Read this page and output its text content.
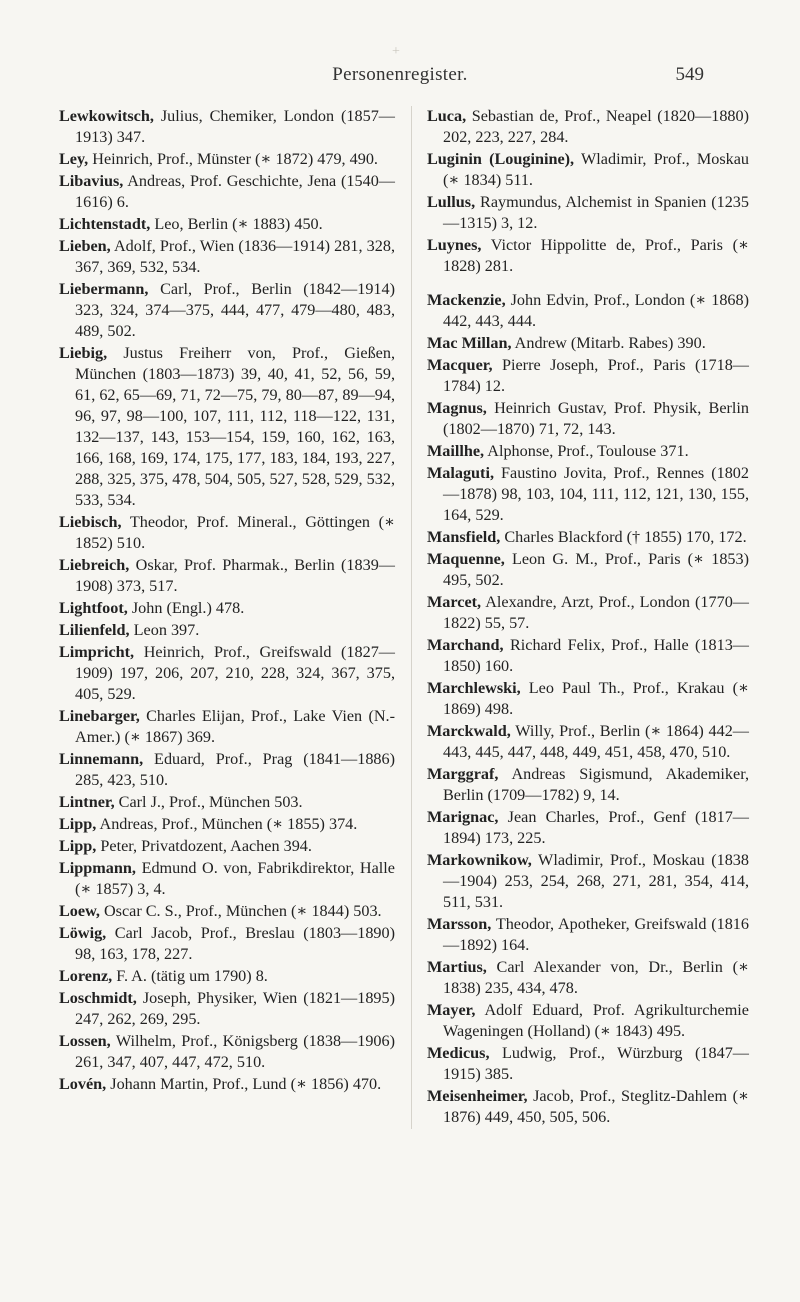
+
Personenregister.	549

Lewkowitsch, Julius, Chemiker, London (1857—1913) 347.

Ley, Heinrich, Prof., Münster (∗ 1872) 479, 490.

Libavius, Andreas, Prof. Geschichte, Jena (1540—1616) 6.

Lichtenstadt, Leo, Berlin (∗ 1883) 450.

Lieben, Adolf, Prof., Wien (1836—1914) 281, 328, 367, 369, 532, 534.

Liebermann, Carl, Prof., Berlin (1842—1914) 323, 324, 374—375, 444, 477, 479—480, 483, 489, 502.

Liebig, Justus Freiherr von, Prof., Gießen, München (1803—1873) 39, 40, 41, 52, 56, 59, 61, 62, 65—69, 71, 72—75, 79, 80—87, 89—94, 96, 97, 98—100, 107, 111, 112, 118—122, 131, 132—137, 143, 153—154, 159, 160, 162, 163, 166, 168, 169, 174, 175, 177, 183, 184, 193, 227, 288, 325, 375, 478, 504, 505, 527, 528, 529, 532, 533, 534.

Liebisch, Theodor, Prof. Mineral., Göttingen (∗ 1852) 510.

Liebreich, Oskar, Prof. Pharmak., Berlin (1839—1908) 373, 517.

Lightfoot, John (Engl.) 478.

Lilienfeld, Leon 397.

Limpricht, Heinrich, Prof., Greifswald (1827—1909) 197, 206, 207, 210, 228, 324, 367, 375, 405, 529.

Linebarger, Charles Elijan, Prof., Lake Vien (N.-Amer.) (∗ 1867) 369.

Linnemann, Eduard, Prof., Prag (1841—1886) 285, 423, 510.

Lintner, Carl J., Prof., München 503.

Lipp, Andreas, Prof., München (∗ 1855) 374.

Lipp, Peter, Privatdozent, Aachen 394.

Lippmann, Edmund O. von, Fabrikdirektor, Halle (∗ 1857) 3, 4.

Loew, Oscar C. S., Prof., München (∗ 1844) 503.

Löwig, Carl Jacob, Prof., Breslau (1803—1890) 98, 163, 178, 227.

Lorenz, F. A. (tätig um 1790) 8.

Loschmidt, Joseph, Physiker, Wien (1821—1895) 247, 262, 269, 295.

Lossen, Wilhelm, Prof., Königsberg (1838—1906) 261, 347, 407, 447, 472, 510.

Lovén, Johann Martin, Prof., Lund (∗ 1856) 470.

Luca, Sebastian de, Prof., Neapel (1820—1880) 202, 223, 227, 284.

Luginin (Louginine), Wladimir, Prof., Moskau (∗ 1834) 511.

Lullus, Raymundus, Alchemist in Spanien (1235—1315) 3, 12.

Luynes, Victor Hippolitte de, Prof., Paris (∗ 1828) 281.

Mackenzie, John Edvin, Prof., London (∗ 1868) 442, 443, 444.

Mac Millan, Andrew (Mitarb. Rabes) 390.

Macquer, Pierre Joseph, Prof., Paris (1718—1784) 12.

Magnus, Heinrich Gustav, Prof. Physik, Berlin (1802—1870) 71, 72, 143.

Maillhe, Alphonse, Prof., Toulouse 371.

Malaguti, Faustino Jovita, Prof., Rennes (1802—1878) 98, 103, 104, 111, 112, 121, 130, 155, 164, 529.

Mansfield, Charles Blackford († 1855) 170, 172.

Maquenne, Leon G. M., Prof., Paris (∗ 1853) 495, 502.

Marcet, Alexandre, Arzt, Prof., London (1770—1822) 55, 57.

Marchand, Richard Felix, Prof., Halle (1813—1850) 160.

Marchlewski, Leo Paul Th., Prof., Krakau (∗ 1869) 498.

Marckwald, Willy, Prof., Berlin (∗ 1864) 442—443, 445, 447, 448, 449, 451, 458, 470, 510.

Marggraf, Andreas Sigismund, Akademiker, Berlin (1709—1782) 9, 14.

Marignac, Jean Charles, Prof., Genf (1817—1894) 173, 225.

Markownikow, Wladimir, Prof., Moskau (1838—1904) 253, 254, 268, 271, 281, 354, 414, 511, 531.

Marsson, Theodor, Apotheker, Greifswald (1816—1892) 164.

Martius, Carl Alexander von, Dr., Berlin (∗ 1838) 235, 434, 478.

Mayer, Adolf Eduard, Prof. Agrikulturchemie Wageningen (Holland) (∗ 1843) 495.

Medicus, Ludwig, Prof., Würzburg (1847—1915) 385.

Meisenheimer, Jacob, Prof., Steglitz-Dahlem (∗ 1876) 449, 450, 505, 506.
